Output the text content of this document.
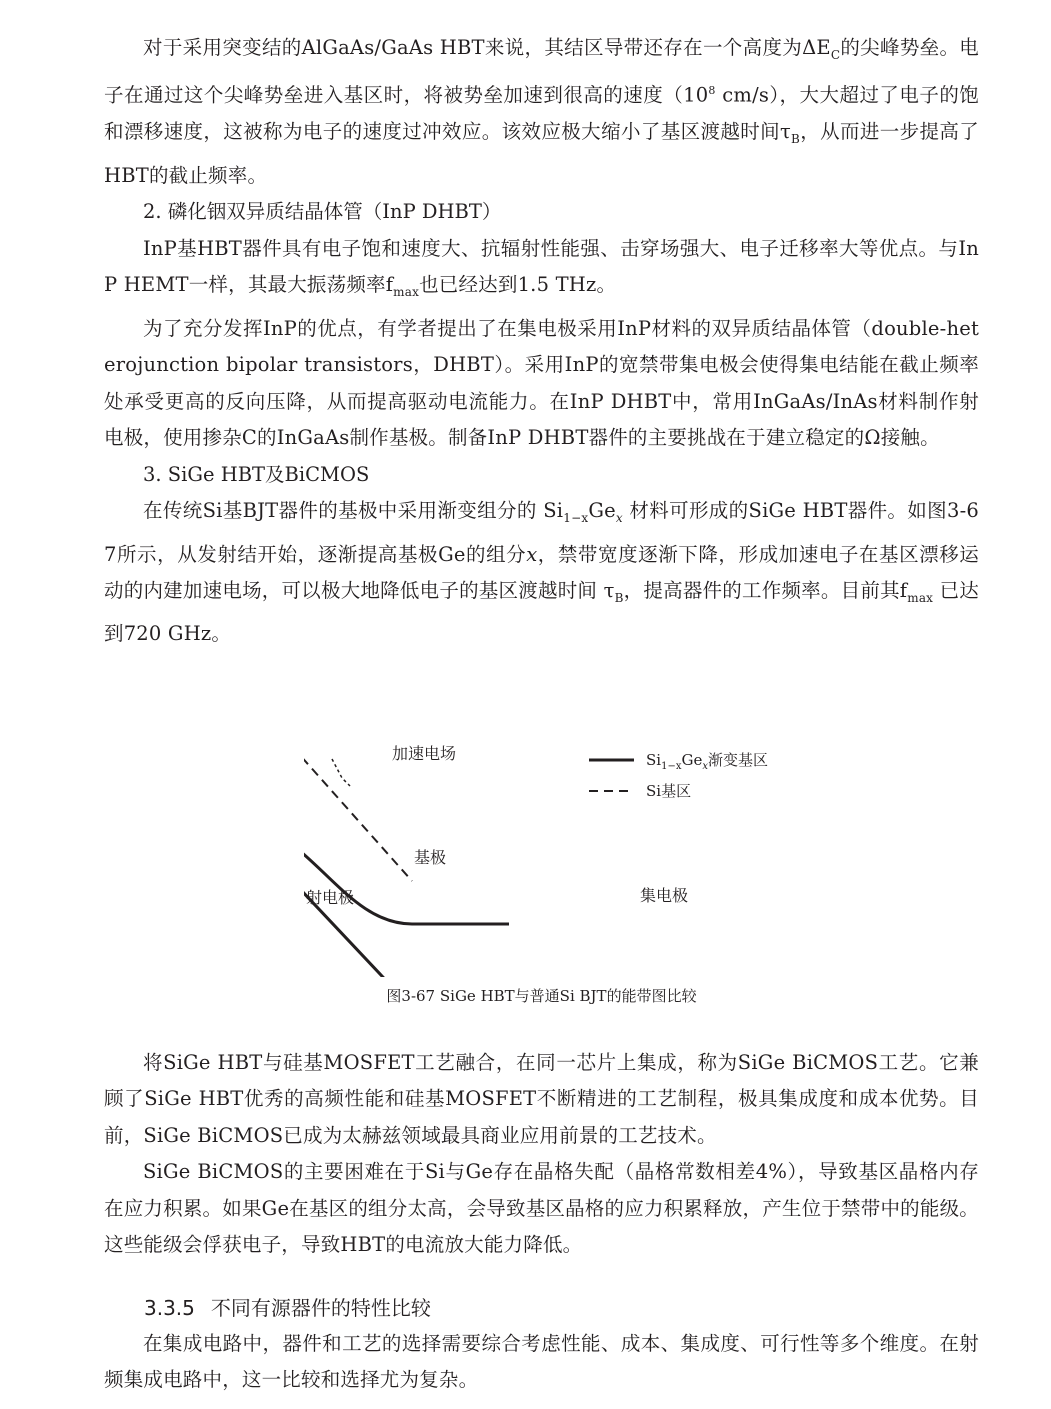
对于采用突变结的AlGaAs/GaAs HBT来说，其结区导带还存在一个高度为$\Delta E_C$的尖峰势垒。电子在通过这个尖峰势垒进入基区时，将被势垒加速到很高的速度（$10^8$ cm/s），大大超过了电子的饱和漂移速度，这被称为电子的速度过冲效应。该效应极大缩小了基区渡越时间$\tau_B$，从而进一步提高了HBT的截止频率。

2. 磷化铟双异质结晶体管（InP DHBT）

InP基HBT器件具有电子饱和速度大、抗辐射性能强、击穿场强大、电子迁移率大等优点。与InP HEMT一样，其最大振荡频率$f_{max}$也已经达到1.5 THz。

为了充分发挥InP的优点，有学者提出了在集电极采用InP材料的双异质结晶体管（double-heterojunction bipolar transistors，DHBT）。采用InP的宽禁带集电极会使得集电结能在截止频率处承受更高的反向压降，从而提高驱动电流能力。在InP DHBT中，常用InGaAs/InAs材料制作射电极，使用掺杂C的InGaAs制作基极。制备InP DHBT器件的主要挑战在于建立稳定的Ω接触。

3. SiGe HBT及BiCMOS

在传统Si基BJT器件的基极中采用渐变组分的 $Si_{1-x}Ge_x$ 材料可形成的SiGe HBT器件。如图3-67所示，从发射结开始，逐渐提高基极Ge的组分x，禁带宽度逐渐下降，形成加速电子在基区漂移运动的内建加速电场，可以极大地降低电子的基区渡越时间 $\tau_B$，提高器件的工作频率。目前其$f_{max}$ 已达到720 GHz。

加速电场
基极
射电极	集电极
$Si_{1-x}Ge_x$渐变基区
Si基区
图3-67 SiGe HBT与普通Si BJT的能带图比较

将SiGe HBT与硅基MOSFET工艺融合，在同一芯片上集成，称为SiGe BiCMOS工艺。它兼顾了SiGe HBT优秀的高频性能和硅基MOSFET不断精进的工艺制程，极具集成度和成本优势。目前，SiGe BiCMOS已成为太赫兹领域最具商业应用前景的工艺技术。

SiGe BiCMOS的主要困难在于Si与Ge存在晶格失配（晶格常数相差4%），导致基区晶格内存在应力积累。如果Ge在基区的组分太高，会导致基区晶格的应力积累释放，产生位于禁带中的能级。这些能级会俘获电子，导致HBT的电流放大能力降低。

3.3.5 不同有源器件的特性比较

在集成电路中，器件和工艺的选择需要综合考虑性能、成本、集成度、可行性等多个维度。在射频集成电路中，这一比较和选择尤为复杂。
